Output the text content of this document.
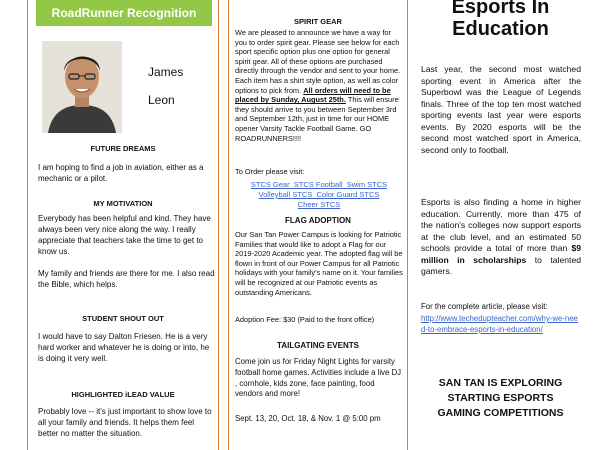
RoadRunner Recognition
James
Leon
FUTURE DREAMS
I am hoping to find a job in aviation, either as a mechanic or a pilot.
MY MOTIVATION
Everybody has been helpful and kind. They have always been very nice along the way. I really appreciate that teachers take the time to get to know us.
My family and friends are there for me. I also read the Bible, which helps.
STUDENT SHOUT OUT
I would have to say Dalton Friesen. He is a very hard worker and whatever he is doing or into, he is doing it very well.
HIGHLIGHTED iLEAD VALUE
Probably love -- it's just important to show love to all your family and friends. It helps them feel better no matter the situation.
SPIRIT GEAR
We are pleased to announce we have a way for you to order spirit gear. Please see below for each sport specific option plus one option for general spirit gear. All of these options are purchased directly through the vendor and sent to your home. Each item has a shirt style option, as well as color options to pick from. All orders will need to be placed by Sunday, August 25th. This will ensure they should arrive to you between September 3rd and September 12th, just in time for our HOME opener Varsity Tackle Football Game. GO ROADRUNNERS!!!!
To Order please visit:
STCS Gear STCS Football Swim STCS
Volleyball STCS Color Guard STCS
Cheer STCS
FLAG ADOPTION
Our San Tan Power Campus is looking for Patriotic Families that would like to adopt a Flag for our 2019-2020 Academic year. The adopted flag will be flown in front of our Power Campus for all Patriotic holidays with your family's name on it. Your families will be recognized at our Patriotic events as outstanding Americans.
Adoption Fee: $30 (Paid to the front office)
TAILGATING EVENTS
Come join us for Friday Night Lights for varsity football home games. Activities include a live DJ , cornhole, kids zone, face painting, food vendors and more!
Sept. 13, 20, Oct. 18, & Nov. 1 @ 5:00 pm
Esports In
Education
Last year, the second most watched sporting event in America after the Superbowl was the League of Legends finals. Three of the top ten most watched sporting events last year were esports events. By 2020 esports will be the second most watched sport in America, second only to football.
Esports is also finding a home in higher education. Currently, more than 475 of the nation's colleges now support esports at the club level, and an estimated 50 schools provide a total of more than $9 million in scholarships to talented gamers.
For the complete article, please visit:
http://www.techedupteacher.com/why-we-need-to-embrace-esports-in-education/
SAN TAN IS EXPLORING
STARTING ESPORTS
GAMING COMPETITIONS
